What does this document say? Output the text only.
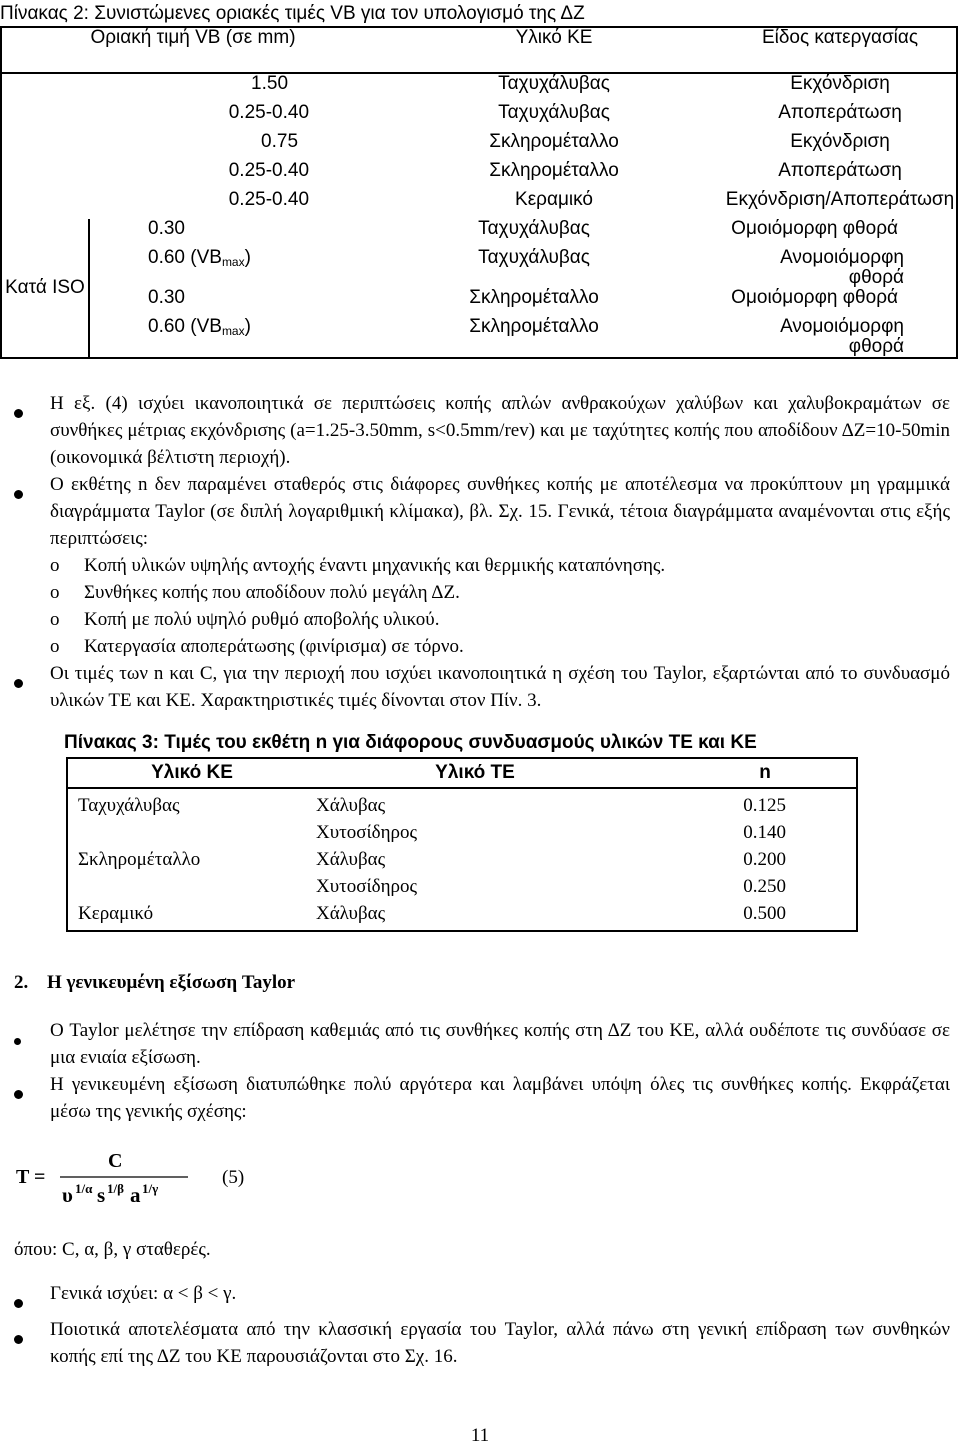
Πίνακας 2: Συνιστώμενες οριακές τιμές VB για τον υπολογισμό της ΔΖ
Οριακή τιμή VB (σε mm)		Υλικό ΚΕ	Είδος κατεργασίας
1.50		Ταχυχάλυβας	Εκχόνδριση
0.25-0.40		Ταχυχάλυβας	Αποπεράτωση
0.75		Σκληρομέταλλο	Εκχόνδριση
0.25-0.40		Σκληρομέταλλο	Αποπεράτωση
0.25-0.40		Κεραμικό	Εκχόνδριση/Αποπεράτωση
Κατά ISO	0.30	Ταχυχάλυβας	Ομοιόμορφη φθορά
	0.60 $(VB_{max})$	Ταχυχάλυβας	Ανομοιόμορφη φθορά
	0.30	Σκληρομέταλλο	Ομοιόμορφη φθορά
	0.60 $(VB_{max})$	Σκληρομέταλλο	Ανομοιόμορφη φθορά
Η εξ. (4) ισχύει ικανοποιητικά σε περιπτώσεις κοπής απλών ανθρακούχων χαλύβων και χαλυβοκραμάτων σε συνθήκες μέτριας εκχόνδρισης (a=1.25-3.50mm, s<0.5mm/rev) και με ταχύτητες κοπής που αποδίδουν ΔΖ=10-50min (οικονομικά βέλτιστη περιοχή).
Ο εκθέτης n δεν παραμένει σταθερός στις διάφορες συνθήκες κοπής με αποτέλεσμα να προκύπτουν μη γραμμικά διαγράμματα Taylor (σε διπλή λογαριθμική κλίμακα), βλ. Σχ. 15. Γενικά, τέτοια διαγράμματα αναμένονται στις εξής περιπτώσεις:
o Κοπή υλικών υψηλής αντοχής έναντι μηχανικής και θερμικής καταπόνησης.
o Συνθήκες κοπής που αποδίδουν πολύ μεγάλη ΔΖ.
o Κοπή με πολύ υψηλό ρυθμό αποβολής υλικού.
o Κατεργασία αποπεράτωσης (φινίρισμα) σε τόρνο.
Οι τιμές των n και C, για την περιοχή που ισχύει ικανοποιητικά η σχέση του Taylor, εξαρτώνται από το συνδυασμό υλικών ΤΕ και ΚΕ. Χαρακτηριστικές τιμές δίνονται στον Πίν. 3.
Πίνακας 3: Τιμές του εκθέτη n για διάφορους συνδυασμούς υλικών ΤΕ και ΚΕ
Υλικό ΚΕ	Υλικό ΤΕ	n
Ταχυχάλυβας	Χάλυβας	0.125
	Χυτοσίδηρος	0.140
Σκληρομέταλλο	Χάλυβας	0.200
	Χυτοσίδηρος	0.250
Κεραμικό	Χάλυβας	0.500
2. Η γενικευμένη εξίσωση Taylor
Ο Taylor μελέτησε την επίδραση καθεμιάς από τις συνθήκες κοπής στη ΔΖ του ΚΕ, αλλά ουδέποτε τις συνδύασε σε μια ενιαία εξίσωση.
Η γενικευμένη εξίσωση διατυπώθηκε πολύ αργότερα και λαμβάνει υπόψη όλες τις συνθήκες κοπής. Εκφράζεται μέσω της γενικής σχέσης:
T =
C
υ 1/α s 1/β a 1/γ
(5)
όπου: C, α, β, γ σταθερές.
Γενικά ισχύει: α < β < γ.
Ποιοτικά αποτελέσματα από την κλασσική εργασία του Taylor, αλλά πάνω στη γενική επίδραση των συνθηκών κοπής επί της ΔΖ του ΚΕ παρουσιάζονται στο Σχ. 16.
11
